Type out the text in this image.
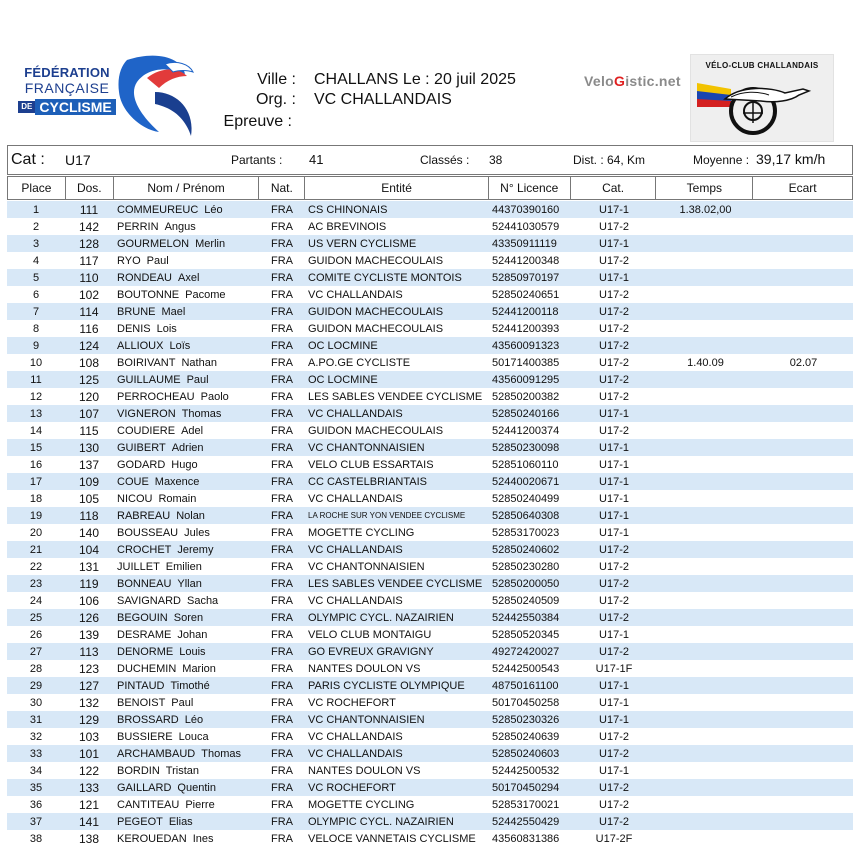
FÉDÉRATION
FRANÇAISE
DE CYCLISME
Ville : CHALLANS Le : 20 juil 2025
Org. : VC CHALLANDAIS
Epreuve :
VeloGistic.net
VÉLO-CLUB CHALLANDAIS
Cat : U17	Partants : 41	Classés : 38	Dist. : 64, Km	Moyenne : 39,17 km/h
Place	Dos.	Nom / Prénom	Nat.	Entité	N° Licence	Cat.	Temps	Ecart
1	111	COMMEUREUC Léo	FRA	CS CHINONAIS	44370390160	U17-1	1.38.02,00
2	142	PERRIN Angus	FRA	AC BREVINOIS	52441030579	U17-2
3	128	GOURMELON Merlin	FRA	US VERN CYCLISME	43350911119	U17-1
4	117	RYO Paul	FRA	GUIDON MACHECOULAIS	52441200348	U17-2
5	110	RONDEAU Axel	FRA	COMITE CYCLISTE MONTOIS	52850970197	U17-1
6	102	BOUTONNE Pacome	FRA	VC CHALLANDAIS	52850240651	U17-2
7	114	BRUNE Mael	FRA	GUIDON MACHECOULAIS	52441200118	U17-2
8	116	DENIS Lois	FRA	GUIDON MACHECOULAIS	52441200393	U17-2
9	124	ALLIOUX Loïs	FRA	OC LOCMINE	43560091323	U17-2
10	108	BOIRIVANT Nathan	FRA	A.PO.GE CYCLISTE	50171400385	U17-2	1.40.09	02.07
11	125	GUILLAUME Paul	FRA	OC LOCMINE	43560091295	U17-2
12	120	PERROCHEAU Paolo	FRA	LES SABLES VENDEE CYCLISME 52850200382	U17-2
13	107	VIGNERON Thomas	FRA	VC CHALLANDAIS	52850240166	U17-1
14	115	COUDIERE Adel	FRA	GUIDON MACHECOULAIS	52441200374	U17-2
15	130	GUIBERT Adrien	FRA	VC CHANTONNAISIEN	52850230098	U17-1
16	137	GODARD Hugo	FRA	VELO CLUB ESSARTAIS	52851060110	U17-1
17	109	COUE Maxence	FRA	CC CASTELBRIANTAIS	52440020671	U17-1
18	105	NICOU Romain	FRA	VC CHALLANDAIS	52850240499	U17-1
19	118	RABREAU Nolan	FRA	LA ROCHE SUR YON VENDEE CYCLISME	52850640308	U17-1
20	140	BOUSSEAU Jules	FRA	MOGETTE CYCLING	52853170023	U17-1
21	104	CROCHET Jeremy	FRA	VC CHALLANDAIS	52850240602	U17-2
22	131	JUILLET Emilien	FRA	VC CHANTONNAISIEN	52850230280	U17-2
23	119	BONNEAU Yllan	FRA	LES SABLES VENDEE CYCLISME 52850200050	U17-2
24	106	SAVIGNARD Sacha	FRA	VC CHALLANDAIS	52850240509	U17-2
25	126	BEGOUIN Soren	FRA	OLYMPIC CYCL. NAZAIRIEN	52442550384	U17-2
26	139	DESRAME Johan	FRA	VELO CLUB MONTAIGU	52850520345	U17-1
27	113	DENORME Louis	FRA	GO EVREUX GRAVIGNY	49272420027	U17-2
28	123	DUCHEMIN Marion	FRA	NANTES DOULON VS	52442500543	U17-1F
29	127	PINTAUD Timothé	FRA	PARIS CYCLISTE OLYMPIQUE	48750161100	U17-1
30	132	BENOIST Paul	FRA	VC ROCHEFORT	50170450258	U17-1
31	129	BROSSARD Léo	FRA	VC CHANTONNAISIEN	52850230326	U17-1
32	103	BUSSIERE Louca	FRA	VC CHALLANDAIS	52850240639	U17-2
33	101	ARCHAMBAUD Thomas	FRA	VC CHALLANDAIS	52850240603	U17-2
34	122	BORDIN Tristan	FRA	NANTES DOULON VS	52442500532	U17-1
35	133	GAILLARD Quentin	FRA	VC ROCHEFORT	50170450294	U17-2
36	121	CANTITEAU Pierre	FRA	MOGETTE CYCLING	52853170021	U17-2
37	141	PEGEOT Elias	FRA	OLYMPIC CYCL. NAZAIRIEN	52442550429	U17-2
38	138	KEROUEDAN Ines	FRA	VELOCE VANNETAIS CYCLISME	43560831386	U17-2F
